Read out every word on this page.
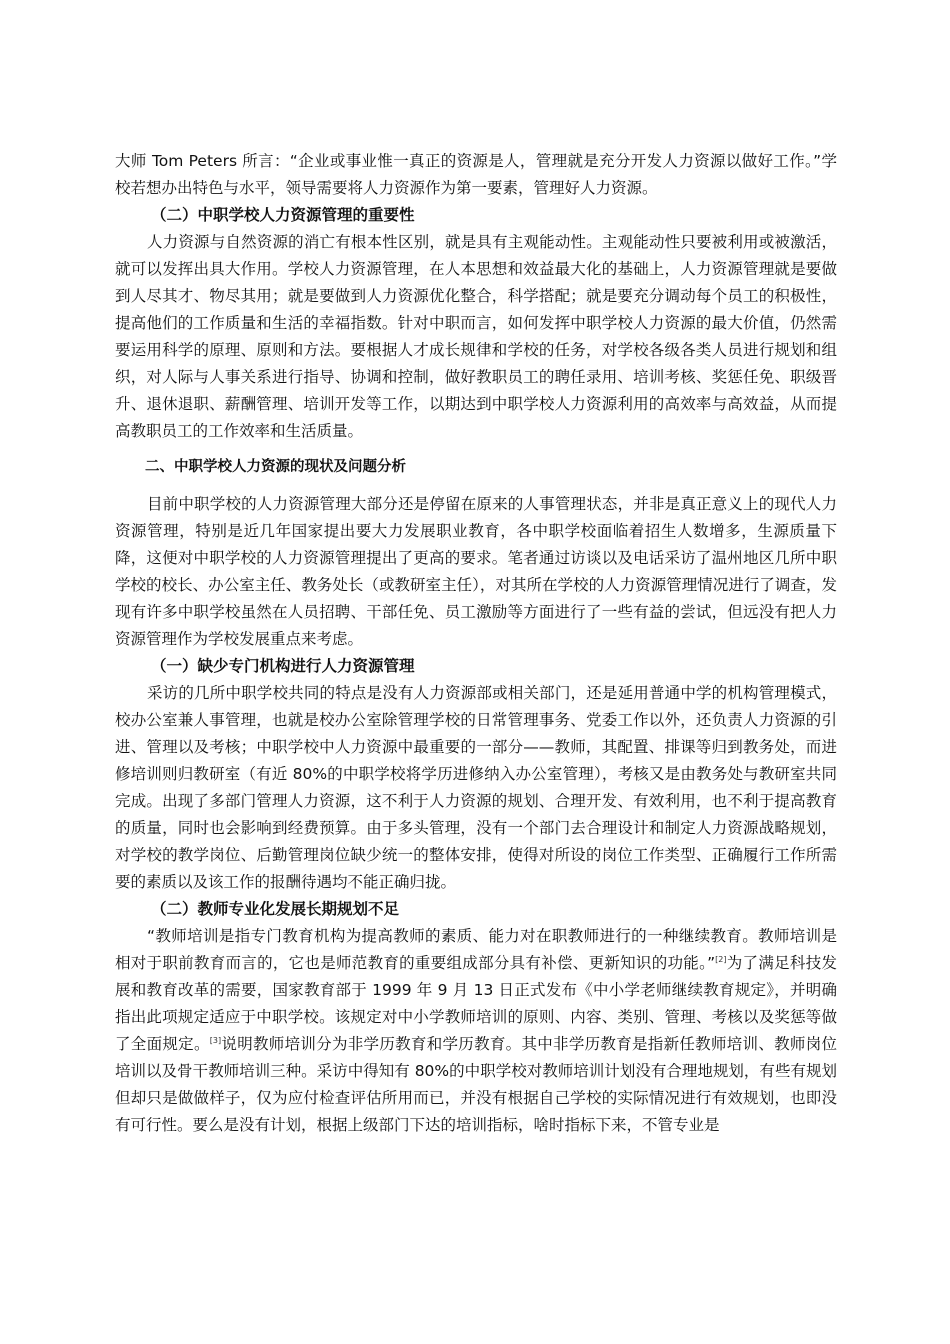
大师 Tom Peters 所言：“企业或事业惟一真正的资源是人，管理就是充分开发人力资源以做好工作。”学校若想办出特色与水平，领导需要将人力资源作为第一要素，管理好人力资源。

（二）中职学校人力资源管理的重要性

人力资源与自然资源的消亡有根本性区别，就是具有主观能动性。主观能动性只要被利用或被激活，就可以发挥出具大作用。学校人力资源管理，在人本思想和效益最大化的基础上，人力资源管理就是要做到人尽其才、物尽其用；就是要做到人力资源优化整合，科学搭配；就是要充分调动每个员工的积极性，提高他们的工作质量和生活的幸福指数。针对中职而言，如何发挥中职学校人力资源的最大价值，仍然需要运用科学的原理、原则和方法。要根据人才成长规律和学校的任务，对学校各级各类人员进行规划和组织，对人际与人事关系进行指导、协调和控制，做好教职员工的聘任录用、培训考核、奖惩任免、职级晋升、退休退职、薪酬管理、培训开发等工作，以期达到中职学校人力资源利用的高效率与高效益，从而提高教职员工的工作效率和生活质量。

二、中职学校人力资源的现状及问题分析

目前中职学校的人力资源管理大部分还是停留在原来的人事管理状态，并非是真正意义上的现代人力资源管理，特别是近几年国家提出要大力发展职业教育，各中职学校面临着招生人数增多，生源质量下降，这便对中职学校的人力资源管理提出了更高的要求。笔者通过访谈以及电话采访了温州地区几所中职学校的校长、办公室主任、教务处长（或教研室主任），对其所在学校的人力资源管理情况进行了调查，发现有许多中职学校虽然在人员招聘、干部任免、员工激励等方面进行了一些有益的尝试，但远没有把人力资源管理作为学校发展重点来考虑。

（一）缺少专门机构进行人力资源管理

采访的几所中职学校共同的特点是没有人力资源部或相关部门，还是延用普通中学的机构管理模式，校办公室兼人事管理，也就是校办公室除管理学校的日常管理事务、党委工作以外，还负责人力资源的引进、管理以及考核；中职学校中人力资源中最重要的一部分——教师，其配置、排课等归到教务处，而进修培训则归教研室（有近 80%的中职学校将学历进修纳入办公室管理），考核又是由教务处与教研室共同完成。出现了多部门管理人力资源，这不利于人力资源的规划、合理开发、有效利用，也不利于提高教育的质量，同时也会影响到经费预算。由于多头管理，没有一个部门去合理设计和制定人力资源战略规划，对学校的教学岗位、后勤管理岗位缺少统一的整体安排，使得对所设的岗位工作类型、正确履行工作所需要的素质以及该工作的报酬待遇均不能正确归拢。

（二）教师专业化发展长期规划不足

“教师培训是指专门教育机构为提高教师的素质、能力对在职教师进行的一种继续教育。教师培训是相对于职前教育而言的，它也是师范教育的重要组成部分具有补偿、更新知识的功能。”[2]为了满足科技发展和教育改革的需要，国家教育部于 1999 年 9 月 13 日正式发布《中小学老师继续教育规定》，并明确指出此项规定适应于中职学校。该规定对中小学教师培训的原则、内容、类别、管理、考核以及奖惩等做了全面规定。[3]说明教师培训分为非学历教育和学历教育。其中非学历教育是指新任教师培训、教师岗位培训以及骨干教师培训三种。采访中得知有 80%的中职学校对教师培训计划没有合理地规划，有些有规划但却只是做做样子，仅为应付检查评估所用而已，并没有根据自己学校的实际情况进行有效规划，也即没有可行性。要么是没有计划，根据上级部门下达的培训指标，啥时指标下来，不管专业是
